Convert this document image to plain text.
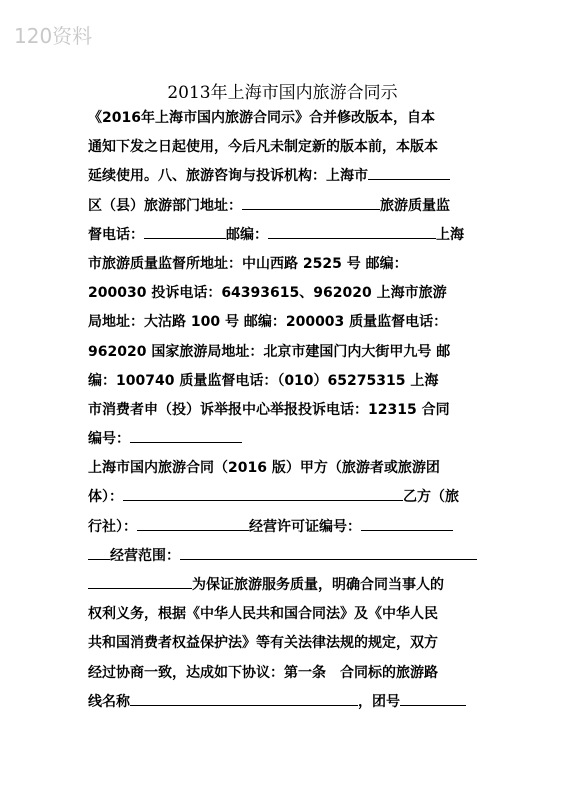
120资料
2013年上海市国内旅游合同示
《2016年上海市国内旅游合同示》合并修改版本，自本
通知下发之日起使用，今后凡未制定新的版本前，本版本
延续使用。八、旅游咨询与投诉机构：上海市
区（县）旅游部门地址：	旅游质量监
督电话：	邮编：	上海
市旅游质量监督所地址：中山西路 2525 号 邮编：
200030 投诉电话：64393615、962020 上海市旅游
局地址：大沽路 100 号 邮编：200003 质量监督电话：
962020 国家旅游局地址：北京市建国门内大街甲九号 邮
编：100740 质量监督电话：（010）65275315 上海
市消费者申（投）诉举报中心举报投诉电话：12315 合同
编号：
上海市国内旅游合同（2016 版）甲方（旅游者或旅游团
体）：	乙方（旅
行社）：	经营许可证编号：
经营范围：
为保证旅游服务质量，明确合同当事人的
权利义务，根据《中华人民共和国合同法》及《中华人民
共和国消费者权益保护法》等有关法律法规的规定，双方
经过协商一致，达成如下协议：第一条　合同标的旅游路
线名称	，团号
